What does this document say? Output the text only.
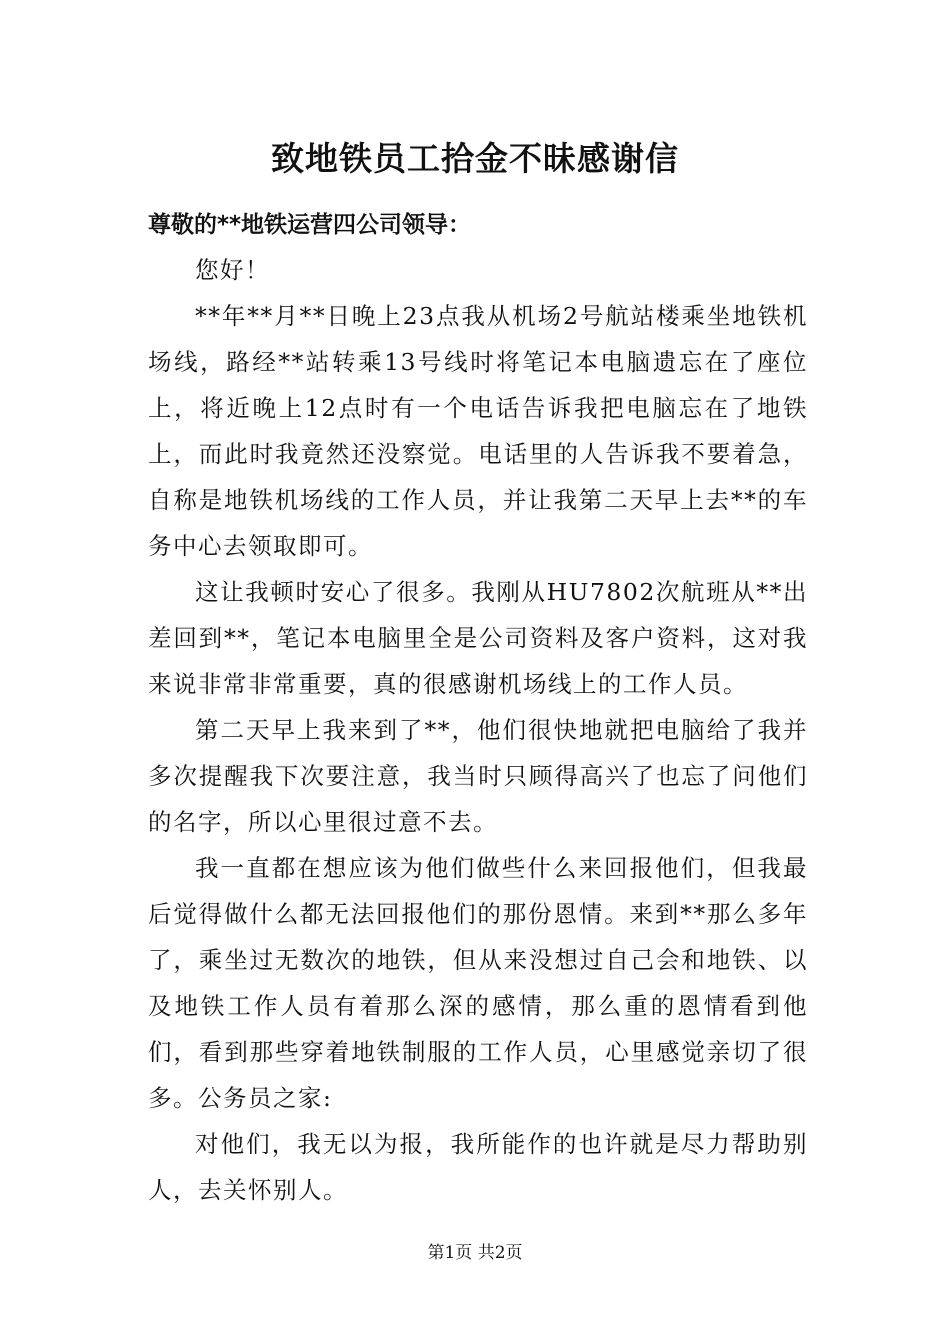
致地铁员工拾金不昧感谢信
尊敬的**地铁运营四公司领导：

您好！

**年**月**日晚上23点我从机场2号航站楼乘坐地铁机场线，路经**站转乘13号线时将笔记本电脑遗忘在了座位上，将近晚上12点时有一个电话告诉我把电脑忘在了地铁上，而此时我竟然还没察觉。电话里的人告诉我不要着急，自称是地铁机场线的工作人员，并让我第二天早上去**的车务中心去领取即可。

这让我顿时安心了很多。我刚从HU7802次航班从**出差回到**，笔记本电脑里全是公司资料及客户资料，这对我来说非常非常重要，真的很感谢机场线上的工作人员。

第二天早上我来到了**，他们很快地就把电脑给了我并多次提醒我下次要注意，我当时只顾得高兴了也忘了问他们的名字，所以心里很过意不去。

我一直都在想应该为他们做些什么来回报他们，但我最后觉得做什么都无法回报他们的那份恩情。来到**那么多年了，乘坐过无数次的地铁，但从来没想过自己会和地铁、以及地铁工作人员有着那么深的感情，那么重的恩情看到他们，看到那些穿着地铁制服的工作人员，心里感觉亲切了很多。公务员之家:

对他们，我无以为报，我所能作的也许就是尽力帮助别人，去关怀别人。

第1页 共2页
